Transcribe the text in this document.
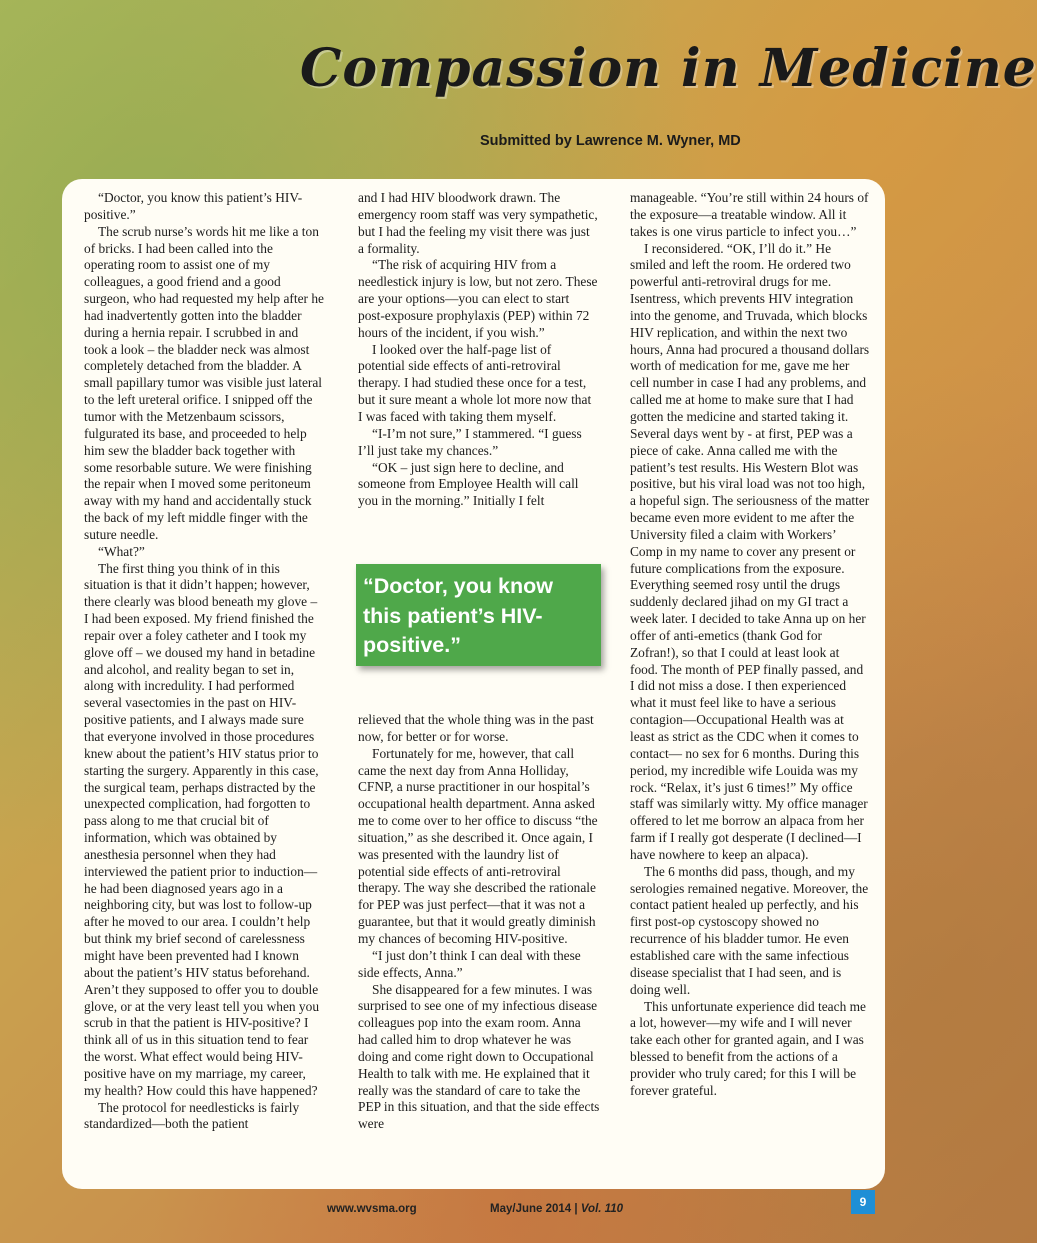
Compassion in Medicine
Submitted by Lawrence M. Wyner, MD

“Doctor, you know this patient’s HIV-positive.”

The scrub nurse’s words hit me like a ton of bricks. I had been called into the operating room to assist one of my colleagues, a good friend and a good surgeon, who had requested my help after he had inadvertently gotten into the bladder during a hernia repair. I scrubbed in and took a look – the bladder neck was almost completely detached from the bladder. A small papillary tumor was visible just lateral to the left ureteral orifice. I snipped off the tumor with the Metzenbaum scissors, fulgurated its base, and proceeded to help him sew the bladder back together with some resorbable suture. We were finishing the repair when I moved some peritoneum away with my hand and accidentally stuck the back of my left middle finger with the suture needle.

“What?”

The first thing you think of in this situation is that it didn’t happen; however, there clearly was blood beneath my glove – I had been exposed. My friend finished the repair over a foley catheter and I took my glove off – we doused my hand in betadine and alcohol, and reality began to set in, along with incredulity. I had performed several vasectomies in the past on HIV-positive patients, and I always made sure that everyone involved in those procedures knew about the patient’s HIV status prior to starting the surgery. Apparently in this case, the surgical team, perhaps distracted by the unexpected complication, had forgotten to pass along to me that crucial bit of information, which was obtained by anesthesia personnel when they had interviewed the patient prior to induction—he had been diagnosed years ago in a neighboring city, but was lost to follow-up after he moved to our area. I couldn’t help but think my brief second of carelessness might have been prevented had I known about the patient’s HIV status beforehand. Aren’t they supposed to offer you to double glove, or at the very least tell you when you scrub in that the patient is HIV-positive? I think all of us in this situation tend to fear the worst. What effect would being HIV-positive have on my marriage, my career, my health? How could this have happened?

The protocol for needlesticks is fairly standardized—both the patient

and I had HIV bloodwork drawn. The emergency room staff was very sympathetic, but I had the feeling my visit there was just a formality.

“The risk of acquiring HIV from a needlestick injury is low, but not zero. These are your options—you can elect to start post-exposure prophylaxis (PEP) within 72 hours of the incident, if you wish.”

I looked over the half-page list of potential side effects of anti-retroviral therapy. I had studied these once for a test, but it sure meant a whole lot more now that I was faced with taking them myself.

“I-I’m not sure,” I stammered. “I guess I’ll just take my chances.”

“OK – just sign here to decline, and someone from Employee Health will call you in the morning.” Initially I felt

“Doctor, you know this patient’s HIV-positive.”

relieved that the whole thing was in the past now, for better or for worse.

Fortunately for me, however, that call came the next day from Anna Holliday, CFNP, a nurse practitioner in our hospital’s occupational health department. Anna asked me to come over to her office to discuss “the situation,” as she described it. Once again, I was presented with the laundry list of potential side effects of anti-retroviral therapy. The way she described the rationale for PEP was just perfect—that it was not a guarantee, but that it would greatly diminish my chances of becoming HIV-positive.

“I just don’t think I can deal with these side effects, Anna.”

She disappeared for a few minutes. I was surprised to see one of my infectious disease colleagues pop into the exam room. Anna had called him to drop whatever he was doing and come right down to Occupational Health to talk with me. He explained that it really was the standard of care to take the PEP in this situation, and that the side effects were

manageable. “You’re still within 24 hours of the exposure—a treatable window. All it takes is one virus particle to infect you…”

I reconsidered. “OK, I’ll do it.” He smiled and left the room. He ordered two powerful anti-retroviral drugs for me. Isentress, which prevents HIV integration into the genome, and Truvada, which blocks HIV replication, and within the next two hours, Anna had procured a thousand dollars worth of medication for me, gave me her cell number in case I had any problems, and called me at home to make sure that I had gotten the medicine and started taking it. Several days went by - at first, PEP was a piece of cake. Anna called me with the patient’s test results. His Western Blot was positive, but his viral load was not too high, a hopeful sign. The seriousness of the matter became even more evident to me after the University filed a claim with Workers’ Comp in my name to cover any present or future complications from the exposure. Everything seemed rosy until the drugs suddenly declared jihad on my GI tract a week later. I decided to take Anna up on her offer of anti-emetics (thank God for Zofran!), so that I could at least look at food. The month of PEP finally passed, and I did not miss a dose. I then experienced what it must feel like to have a serious contagion—Occupational Health was at least as strict as the CDC when it comes to contact— no sex for 6 months. During this period, my incredible wife Louida was my rock. “Relax, it’s just 6 times!” My office staff was similarly witty. My office manager offered to let me borrow an alpaca from her farm if I really got desperate (I declined—I have nowhere to keep an alpaca).

The 6 months did pass, though, and my serologies remained negative. Moreover, the contact patient healed up perfectly, and his first post-op cystoscopy showed no recurrence of his bladder tumor. He even established care with the same infectious disease specialist that I had seen, and is doing well.

This unfortunate experience did teach me a lot, however—my wife and I will never take each other for granted again, and I was blessed to benefit from the actions of a provider who truly cared; for this I will be forever grateful.

www.wvsma.org	May/June 2014 | Vol. 110	9
